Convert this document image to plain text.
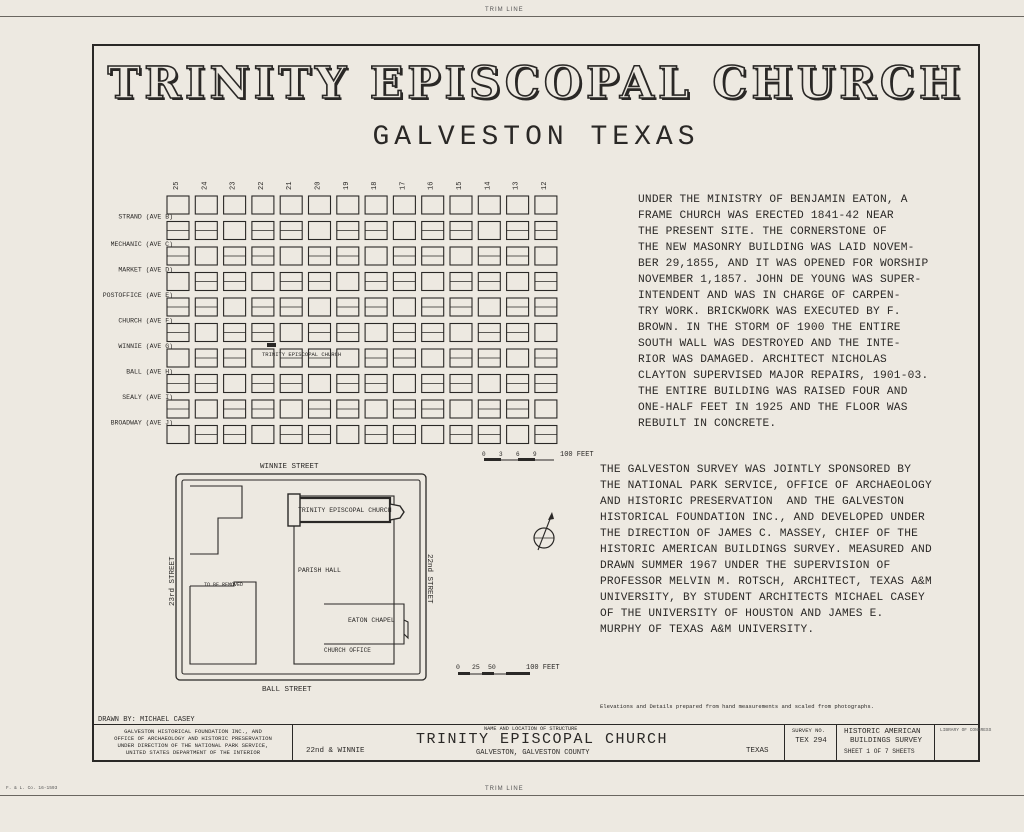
TRIM LINE
TRIM LINE
TRINITY EPISCOPAL CHURCH
GALVESTON TEXAS
25	24	23	22	21	20	19	18	17	16	15	14	13	12
STRAND (AVE B)
MECHANIC (AVE C)
MARKET (AVE D)
POSTOFFICE (AVE E)
CHURCH (AVE F)
WINNIE (AVE G)
BALL (AVE H)
SEALY (AVE I)
BROADWAY (AVE J)
TRINITY EPISCOPAL CHURCH
0 3 6 9	100 FEET
UNDER THE MINISTRY OF BENJAMIN EATON, A
FRAME CHURCH WAS ERECTED 1841-42 NEAR
THE PRESENT SITE. THE CORNERSTONE OF
THE NEW MASONRY BUILDING WAS LAID NOVEM-
BER 29,1855, AND IT WAS OPENED FOR WORSHIP
NOVEMBER 1,1857. JOHN DE YOUNG WAS SUPER-
INTENDENT AND WAS IN CHARGE OF CARPEN-
TRY WORK. BRICKWORK WAS EXECUTED BY F.
BROWN. IN THE STORM OF 1900 THE ENTIRE
SOUTH WALL WAS DESTROYED AND THE INTE-
RIOR WAS DAMAGED. ARCHITECT NICHOLAS
CLAYTON SUPERVISED MAJOR REPAIRS, 1901-03.
THE ENTIRE BUILDING WAS RAISED FOUR AND
ONE-HALF FEET IN 1925 AND THE FLOOR WAS
REBUILT IN CONCRETE.
WINNIE STREET
BALL STREET
23rd STREET	22nd STREET
TO BE REMOVED
TRINITY EPISCOPAL CHURCH
PARISH HALL
EATON CHAPEL
CHURCH OFFICE
0 25 50	100 FEET
THE GALVESTON SURVEY WAS JOINTLY SPONSORED BY
THE NATIONAL PARK SERVICE, OFFICE OF ARCHAEOLOGY
AND HISTORIC PRESERVATION  AND THE GALVESTON
HISTORICAL FOUNDATION INC., AND DEVELOPED UNDER
THE DIRECTION OF JAMES C. MASSEY, CHIEF OF THE
HISTORIC AMERICAN BUILDINGS SURVEY. MEASURED AND
DRAWN SUMMER 1967 UNDER THE SUPERVISION OF
PROFESSOR MELVIN M. ROTSCH, ARCHITECT, TEXAS A&M
UNIVERSITY, BY STUDENT ARCHITECTS MICHAEL CASEY
OF THE UNIVERSITY OF HOUSTON AND JAMES E.
MURPHY OF TEXAS A&M UNIVERSITY.
Elevations and Details prepared from hand measurements and scaled from photographs.
DRAWN BY: MICHAEL CASEY
GALVESTON HISTORICAL FOUNDATION INC., AND
OFFICE OF ARCHAEOLOGY AND HISTORIC PRESERVATION
UNDER DIRECTION OF THE NATIONAL PARK SERVICE,
UNITED STATES DEPARTMENT OF THE INTERIOR
NAME AND LOCATION OF STRUCTURE
22nd & WINNIE
TRINITY EPISCOPAL CHURCH
GALVESTON, GALVESTON COUNTY	TEXAS
SURVEY NO.
TEX 294
HISTORIC AMERICAN
BUILDINGS SURVEY
SHEET 1 OF 7 SHEETS
LIBRARY OF CONGRESS
F. & L. Co. 16-1593
